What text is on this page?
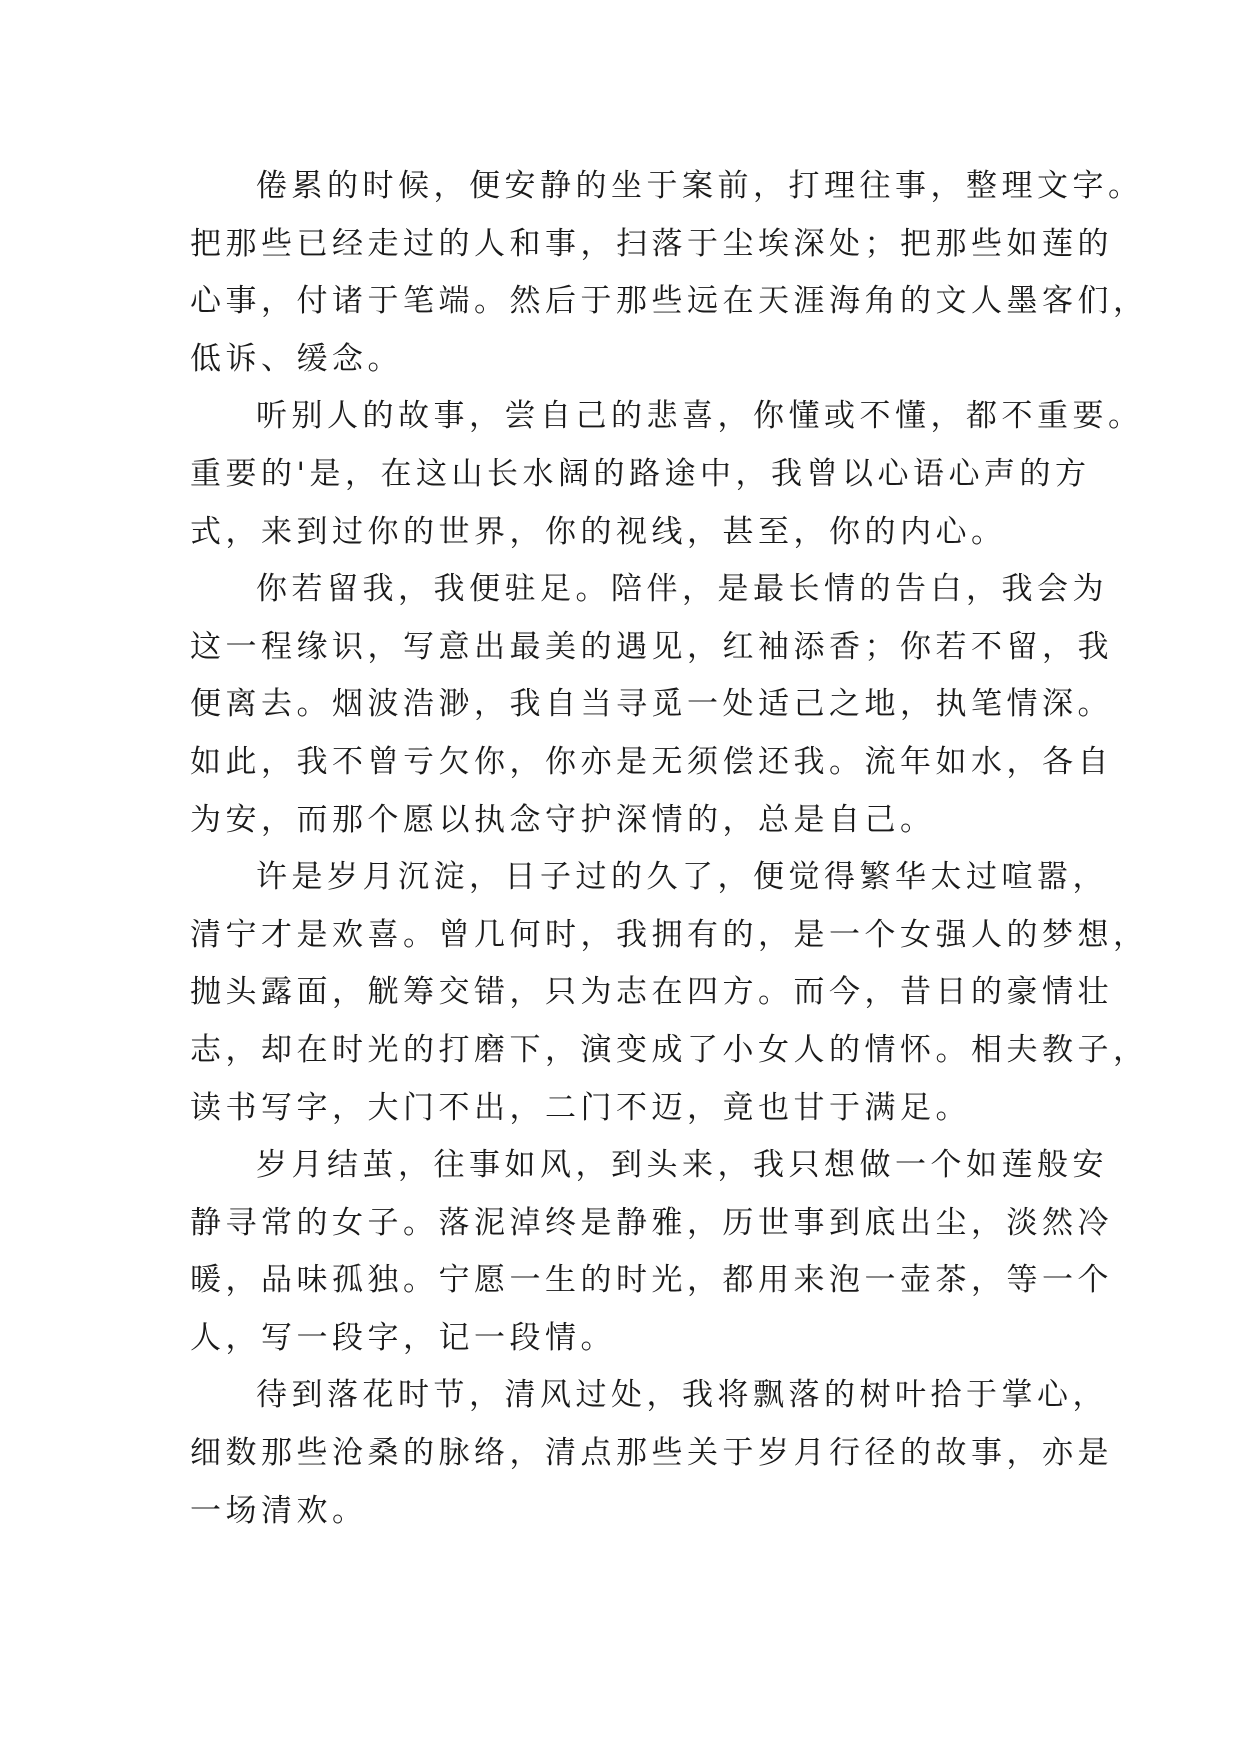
倦累的时候，便安静的坐于案前，打理往事，整理文字。
把那些已经走过的人和事，扫落于尘埃深处；把那些如莲的
心事，付诸于笔端。然后于那些远在天涯海角的文人墨客们，
低诉、缓念。

听别人的故事，尝自己的悲喜，你懂或不懂，都不重要。
重要的'是，在这山长水阔的路途中，我曾以心语心声的方
式，来到过你的世界，你的视线，甚至，你的内心。

你若留我，我便驻足。陪伴，是最长情的告白，我会为
这一程缘识，写意出最美的遇见，红袖添香；你若不留，我
便离去。烟波浩渺，我自当寻觅一处适己之地，执笔情深。
如此，我不曾亏欠你，你亦是无须偿还我。流年如水，各自
为安，而那个愿以执念守护深情的，总是自己。

许是岁月沉淀，日子过的久了，便觉得繁华太过喧嚣，
清宁才是欢喜。曾几何时，我拥有的，是一个女强人的梦想，
抛头露面，觥筹交错，只为志在四方。而今，昔日的豪情壮
志，却在时光的打磨下，演变成了小女人的情怀。相夫教子，
读书写字，大门不出，二门不迈，竟也甘于满足。

岁月结茧，往事如风，到头来，我只想做一个如莲般安
静寻常的女子。落泥淖终是静雅，历世事到底出尘，淡然冷
暖，品味孤独。宁愿一生的时光，都用来泡一壶茶，等一个
人，写一段字，记一段情。

待到落花时节，清风过处，我将飘落的树叶拾于掌心，
细数那些沧桑的脉络，清点那些关于岁月行径的故事，亦是
一场清欢。
